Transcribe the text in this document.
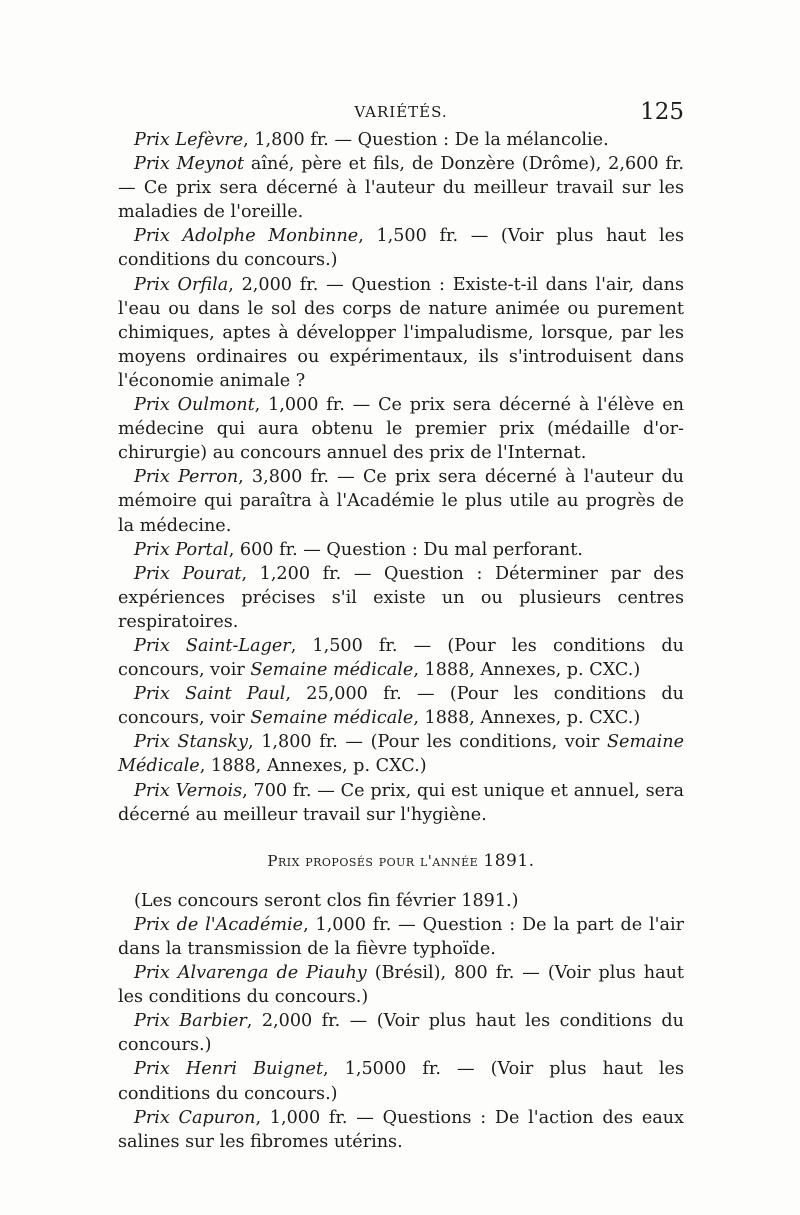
VARIÉTÉS.	125

Prix Lefèvre, 1,800 fr. — Question : De la mélancolie.

Prix Meynot aîné, père et fils, de Donzère (Drôme), 2,600 fr. — Ce prix sera décerné à l'auteur du meilleur travail sur les maladies de l'oreille.

Prix Adolphe Monbinne, 1,500 fr. — (Voir plus haut les conditions du concours.)

Prix Orfila, 2,000 fr. — Question : Existe-t-il dans l'air, dans l'eau ou dans le sol des corps de nature animée ou purement chimiques, aptes à développer l'impaludisme, lorsque, par les moyens ordinaires ou expérimentaux, ils s'introduisent dans l'économie animale ?

Prix Oulmont, 1,000 fr. — Ce prix sera décerné à l'élève en médecine qui aura obtenu le premier prix (médaille d'or-chirurgie) au concours annuel des prix de l'Internat.

Prix Perron, 3,800 fr. — Ce prix sera décerné à l'auteur du mémoire qui paraîtra à l'Académie le plus utile au progrès de la médecine.

Prix Portal, 600 fr. — Question : Du mal perforant.

Prix Pourat, 1,200 fr. — Question : Déterminer par des expériences précises s'il existe un ou plusieurs centres respiratoires.

Prix Saint-Lager, 1,500 fr. — (Pour les conditions du concours, voir Semaine médicale, 1888, Annexes, p. CXC.)

Prix Saint Paul, 25,000 fr. — (Pour les conditions du concours, voir Semaine médicale, 1888, Annexes, p. CXC.)

Prix Stansky, 1,800 fr. — (Pour les conditions, voir Semaine Médicale, 1888, Annexes, p. CXC.)

Prix Vernois, 700 fr. — Ce prix, qui est unique et annuel, sera décerné au meilleur travail sur l'hygiène.

Prix proposés pour l'année 1891.

(Les concours seront clos fin février 1891.)

Prix de l'Académie, 1,000 fr. — Question : De la part de l'air dans la transmission de la fièvre typhoïde.

Prix Alvarenga de Piauhy (Brésil), 800 fr. — (Voir plus haut les conditions du concours.)

Prix Barbier, 2,000 fr. — (Voir plus haut les conditions du concours.)

Prix Henri Buignet, 1,5000 fr. — (Voir plus haut les conditions du concours.)

Prix Capuron, 1,000 fr. — Questions : De l'action des eaux salines sur les fibromes utérins.
